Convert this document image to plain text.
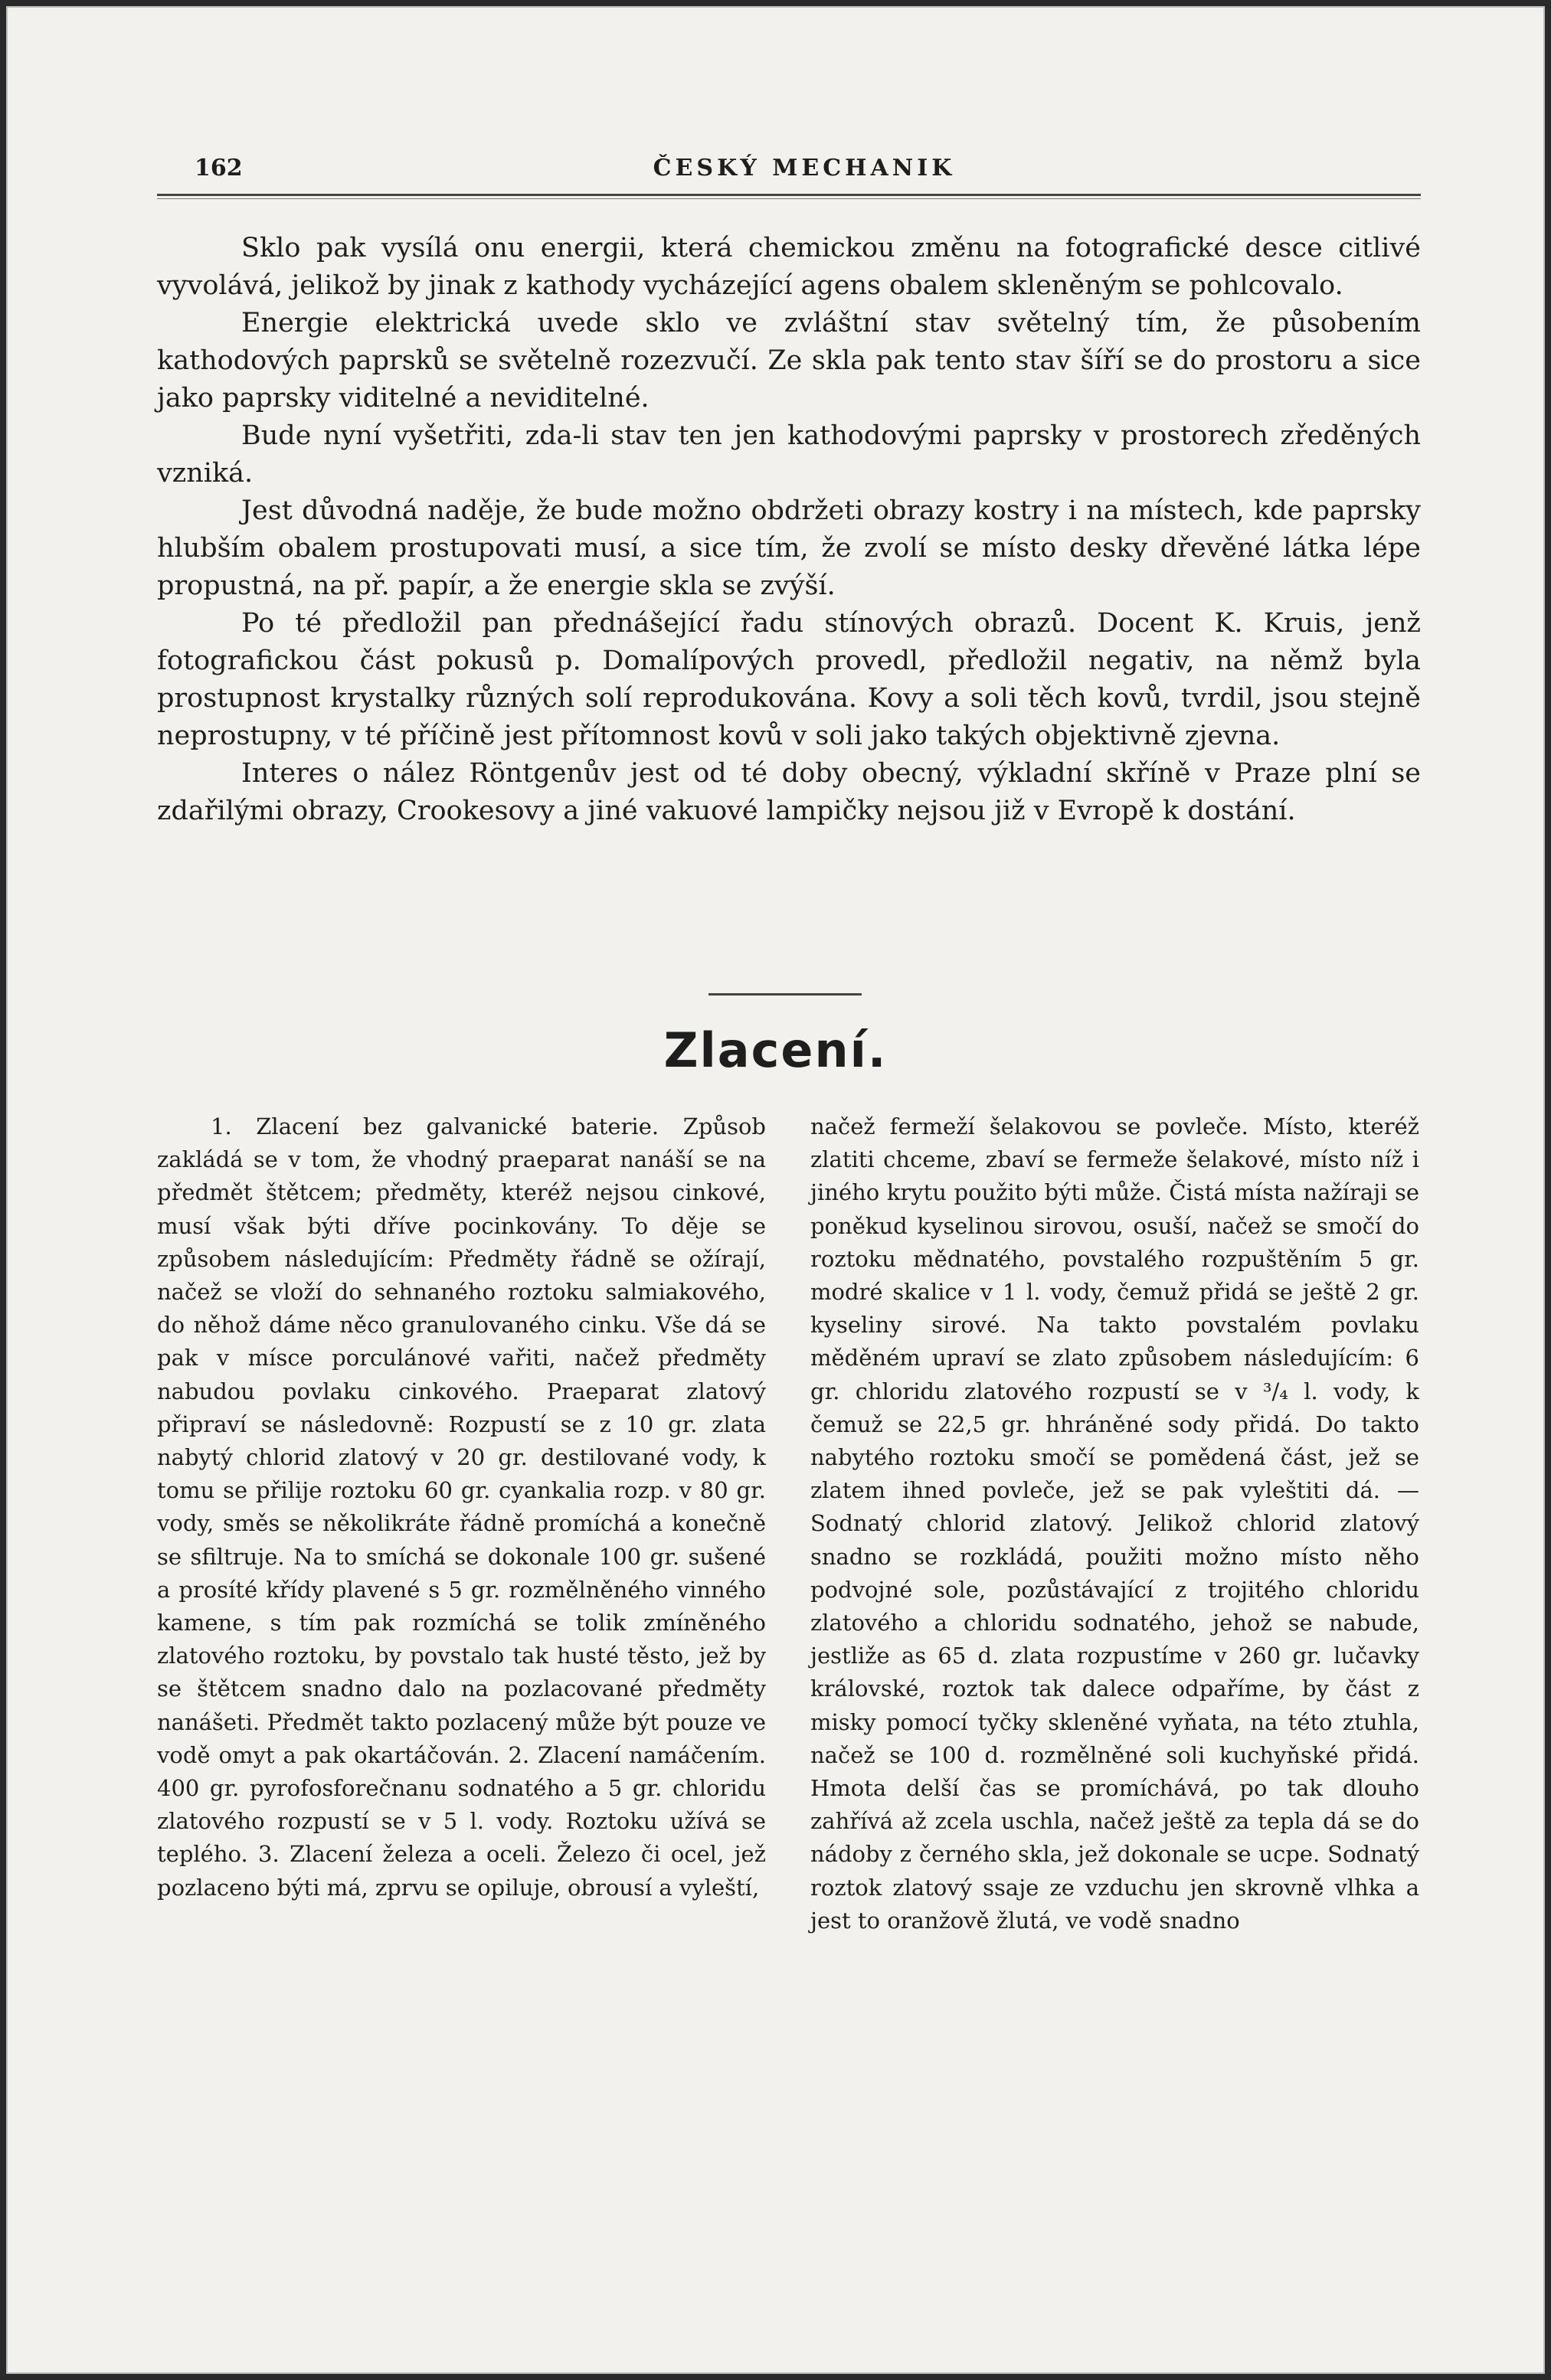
162	ČESKÝ MECHANIK

Sklo pak vysílá onu energii, která chemickou změnu na fotografické desce citlivé vyvolává, jelikož by jinak z kathody vycházející agens obalem skleněným se pohlcovalo.

Energie elektrická uvede sklo ve zvláštní stav světelný tím, že působením kathodových paprsků se světelně rozezvučí. Ze skla pak tento stav šíří se do prostoru a sice jako paprsky viditelné a neviditelné.

Bude nyní vyšetřiti, zda-li stav ten jen kathodovými paprsky v prostorech zředěných vzniká.

Jest důvodná naděje, že bude možno obdržeti obrazy kostry i na místech, kde paprsky hlubším obalem prostupovati musí, a sice tím, že zvolí se místo desky dřevěné látka lépe propustná, na př. papír, a že energie skla se zvýší.

Po té předložil pan přednášející řadu stínových obrazů. Docent K. Kruis, jenž fotografickou část pokusů p. Domalípových provedl, předložil negativ, na němž byla prostupnost krystalky různých solí reprodukována. Kovy a soli těch kovů, tvrdil, jsou stejně neprostupny, v té příčině jest přítomnost kovů v soli jako takých objektivně zjevna.

Interes o nález Röntgenův jest od té doby obecný, výkladní skříně v Praze plní se zdařilými obrazy, Crookesovy a jiné vakuové lampičky nejsou již v Evropě k dostání.

Zlacení.

1. Zlacení bez galvanické baterie. Způsob zakládá se v tom, že vhodný praeparat nanáší se na předmět štětcem; předměty, kteréž nejsou cinkové, musí však býti dříve pocinkovány. To děje se způsobem následujícím: Předměty řádně se ožírají, načež se vloží do sehnaného roztoku salmiakového, do něhož dáme něco granulovaného cinku. Vše dá se pak v mísce porculánové vařiti, načež předměty nabudou povlaku cinkového. Praeparat zlatový připraví se následovně: Rozpustí se z 10 gr. zlata nabytý chlorid zlatový v 20 gr. destilované vody, k tomu se přilije roztoku 60 gr. cyankalia rozp. v 80 gr. vody, směs se několikráte řádně promíchá a konečně se sfiltruje. Na to smíchá se dokonale 100 gr. sušené a prosíté křídy plavené s 5 gr. rozmělněného vinného kamene, s tím pak rozmíchá se tolik zmíněného zlatového roztoku, by povstalo tak husté těsto, jež by se štětcem snadno dalo na pozlacované předměty nanášeti. Předmět takto pozlacený může být pouze ve vodě omyt a pak okartáčován. 2. Zlacení namáčením. 400 gr. pyrofosforečnanu sodnatého a 5 gr. chloridu zlatového rozpustí se v 5 l. vody. Roztoku užívá se teplého. 3. Zlacení železa a oceli. Železo či ocel, jež pozlaceno býti má, zprvu se opiluje, obrousí a vyleští,

načež fermeží šelakovou se povleče. Místo, kteréž zlatiti chceme, zbaví se fermeže šelakové, místo níž i jiného krytu použito býti může. Čistá místa nažíraji se poněkud kyselinou sirovou, osuší, načež se smočí do roztoku mědnatého, povstalého rozpuštěním 5 gr. modré skalice v 1 l. vody, čemuž přidá se ještě 2 gr. kyseliny sirové. Na takto povstalém povlaku měděném upraví se zlato způsobem následujícím: 6 gr. chloridu zlatového rozpustí se v ³/₄ l. vody, k čemuž se 22,5 gr. hhráněné sody přidá. Do takto nabytého roztoku smočí se pomědená část, jež se zlatem ihned povleče, jež se pak vyleštiti dá. — Sodnatý chlorid zlatový. Jelikož chlorid zlatový snadno se rozkládá, použiti možno místo něho podvojné sole, pozůstávající z trojitého chloridu zlatového a chloridu sodnatého, jehož se nabude, jestliže as 65 d. zlata rozpustíme v 260 gr. lučavky královské, roztok tak dalece odpaříme, by část z misky pomocí tyčky skleněné vyňata, na této ztuhla, načež se 100 d. rozmělněné soli kuchyňské přidá. Hmota delší čas se promíchává, po tak dlouho zahřívá až zcela uschla, načež ještě za tepla dá se do nádoby z černého skla, jež dokonale se ucpe. Sodnatý roztok zlatový ssaje ze vzduchu jen skrovně vlhka a jest to oranžově žlutá, ve vodě snadno
